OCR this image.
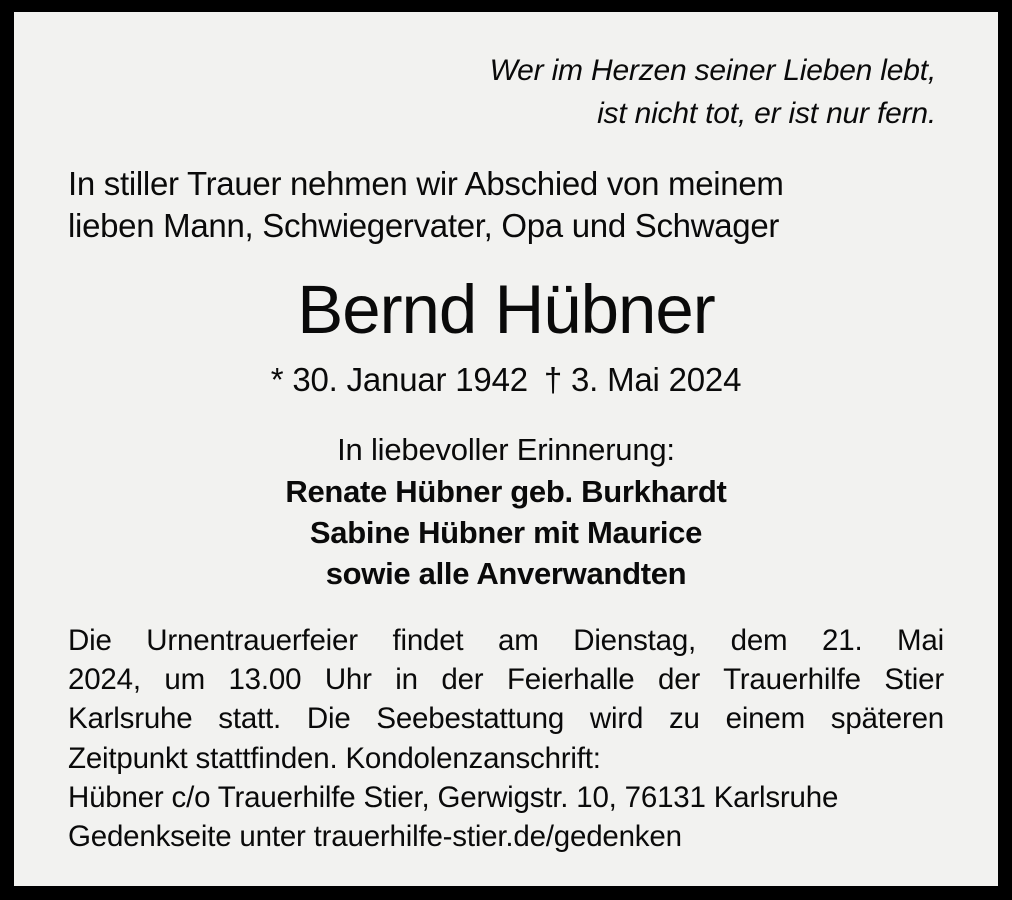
Wer im Herzen seiner Lieben lebt,
ist nicht tot, er ist nur fern.
In stiller Trauer nehmen wir Abschied von meinem
lieben Mann, Schwiegervater, Opa und Schwager
Bernd Hübner
* 30. Januar 1942 † 3. Mai 2024
In liebevoller Erinnerung:
Renate Hübner geb. Burkhardt
Sabine Hübner mit Maurice
sowie alle Anverwandten
Die Urnentrauerfeier findet am Dienstag, dem 21. Mai
2024, um 13.00 Uhr in der Feierhalle der Trauerhilfe Stier
Karlsruhe statt. Die Seebestattung wird zu einem späteren
Zeitpunkt stattfinden. Kondolenzanschrift:
Hübner c/o Trauerhilfe Stier, Gerwigstr. 10, 76131 Karlsruhe
Gedenkseite unter trauerhilfe-stier.de/gedenken
